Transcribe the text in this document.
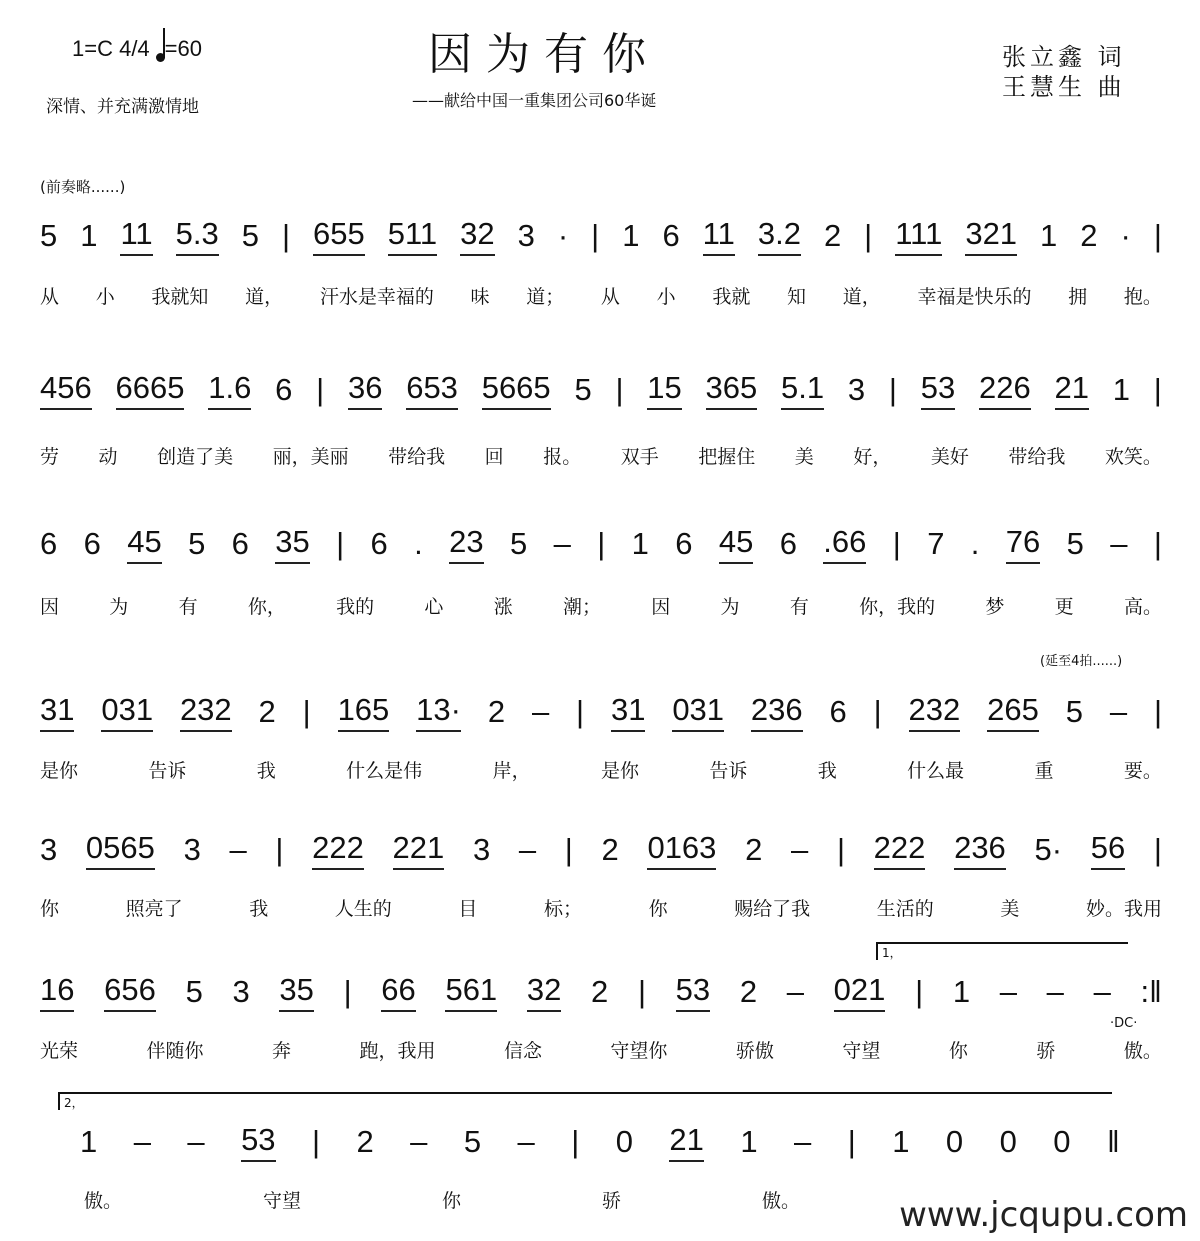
1=C 4/4 =60
深情、并充满激情地
因为有你
——献给中国一重集团公司60华诞
张立鑫 词
王慧生 曲
(前奏略......)
5 1 11 5.3 5 | 655 511 32 3 · | 1 6 11 3.2 2 | 111 321 1 2 · |
从 小 我就知 道， 汗水是幸福的 味 道； 从 小 我就 知 道， 幸福是快乐的 拥 抱。
456 6665 1.6 6 | 36 653 5665 5 | 15 365 5.1 3 | 53 226 21 1 |
劳 动 创造了美 丽，美丽 带给我 回 报。 双手 把握住 美 好， 美好 带给我 欢笑。
6 6 45 5 6 35 | 6 . 23 5 – | 1 6 45 6 .66 | 7 . 76 5 – |
因	为	有	你，	我的	心	涨	潮；	因	为	有	你，我的	梦	更	高。
31 031 232 2 | 165 13· 2 – | 31 031 236 6 | 232 265 5 – |
是你	告诉	我	什么是伟	岸，	是你	告诉	我	什么最	重	要。
(延至4拍......)
3 0565 3 – | 222 221 3 – | 2 0163 2 – | 222 236 5· 56 |
你	照亮了	我	人生的	目	标；	你	赐给了我	生活的	美	妙。我用
16 656 5 3 35 | 66 561 32 2 | 53 2 – 021 | 1 – – – :‖
光荣	伴随你	奔	跑，我用	信念	守望你	骄傲	守望	你	骄	傲。
1，
·DC·
1 – – 53 | 2 – 5 – | 0 21 1 – | 1 0 0 0 ‖
傲。	守望	你	骄	傲。
2，
www.jcqupu.com
